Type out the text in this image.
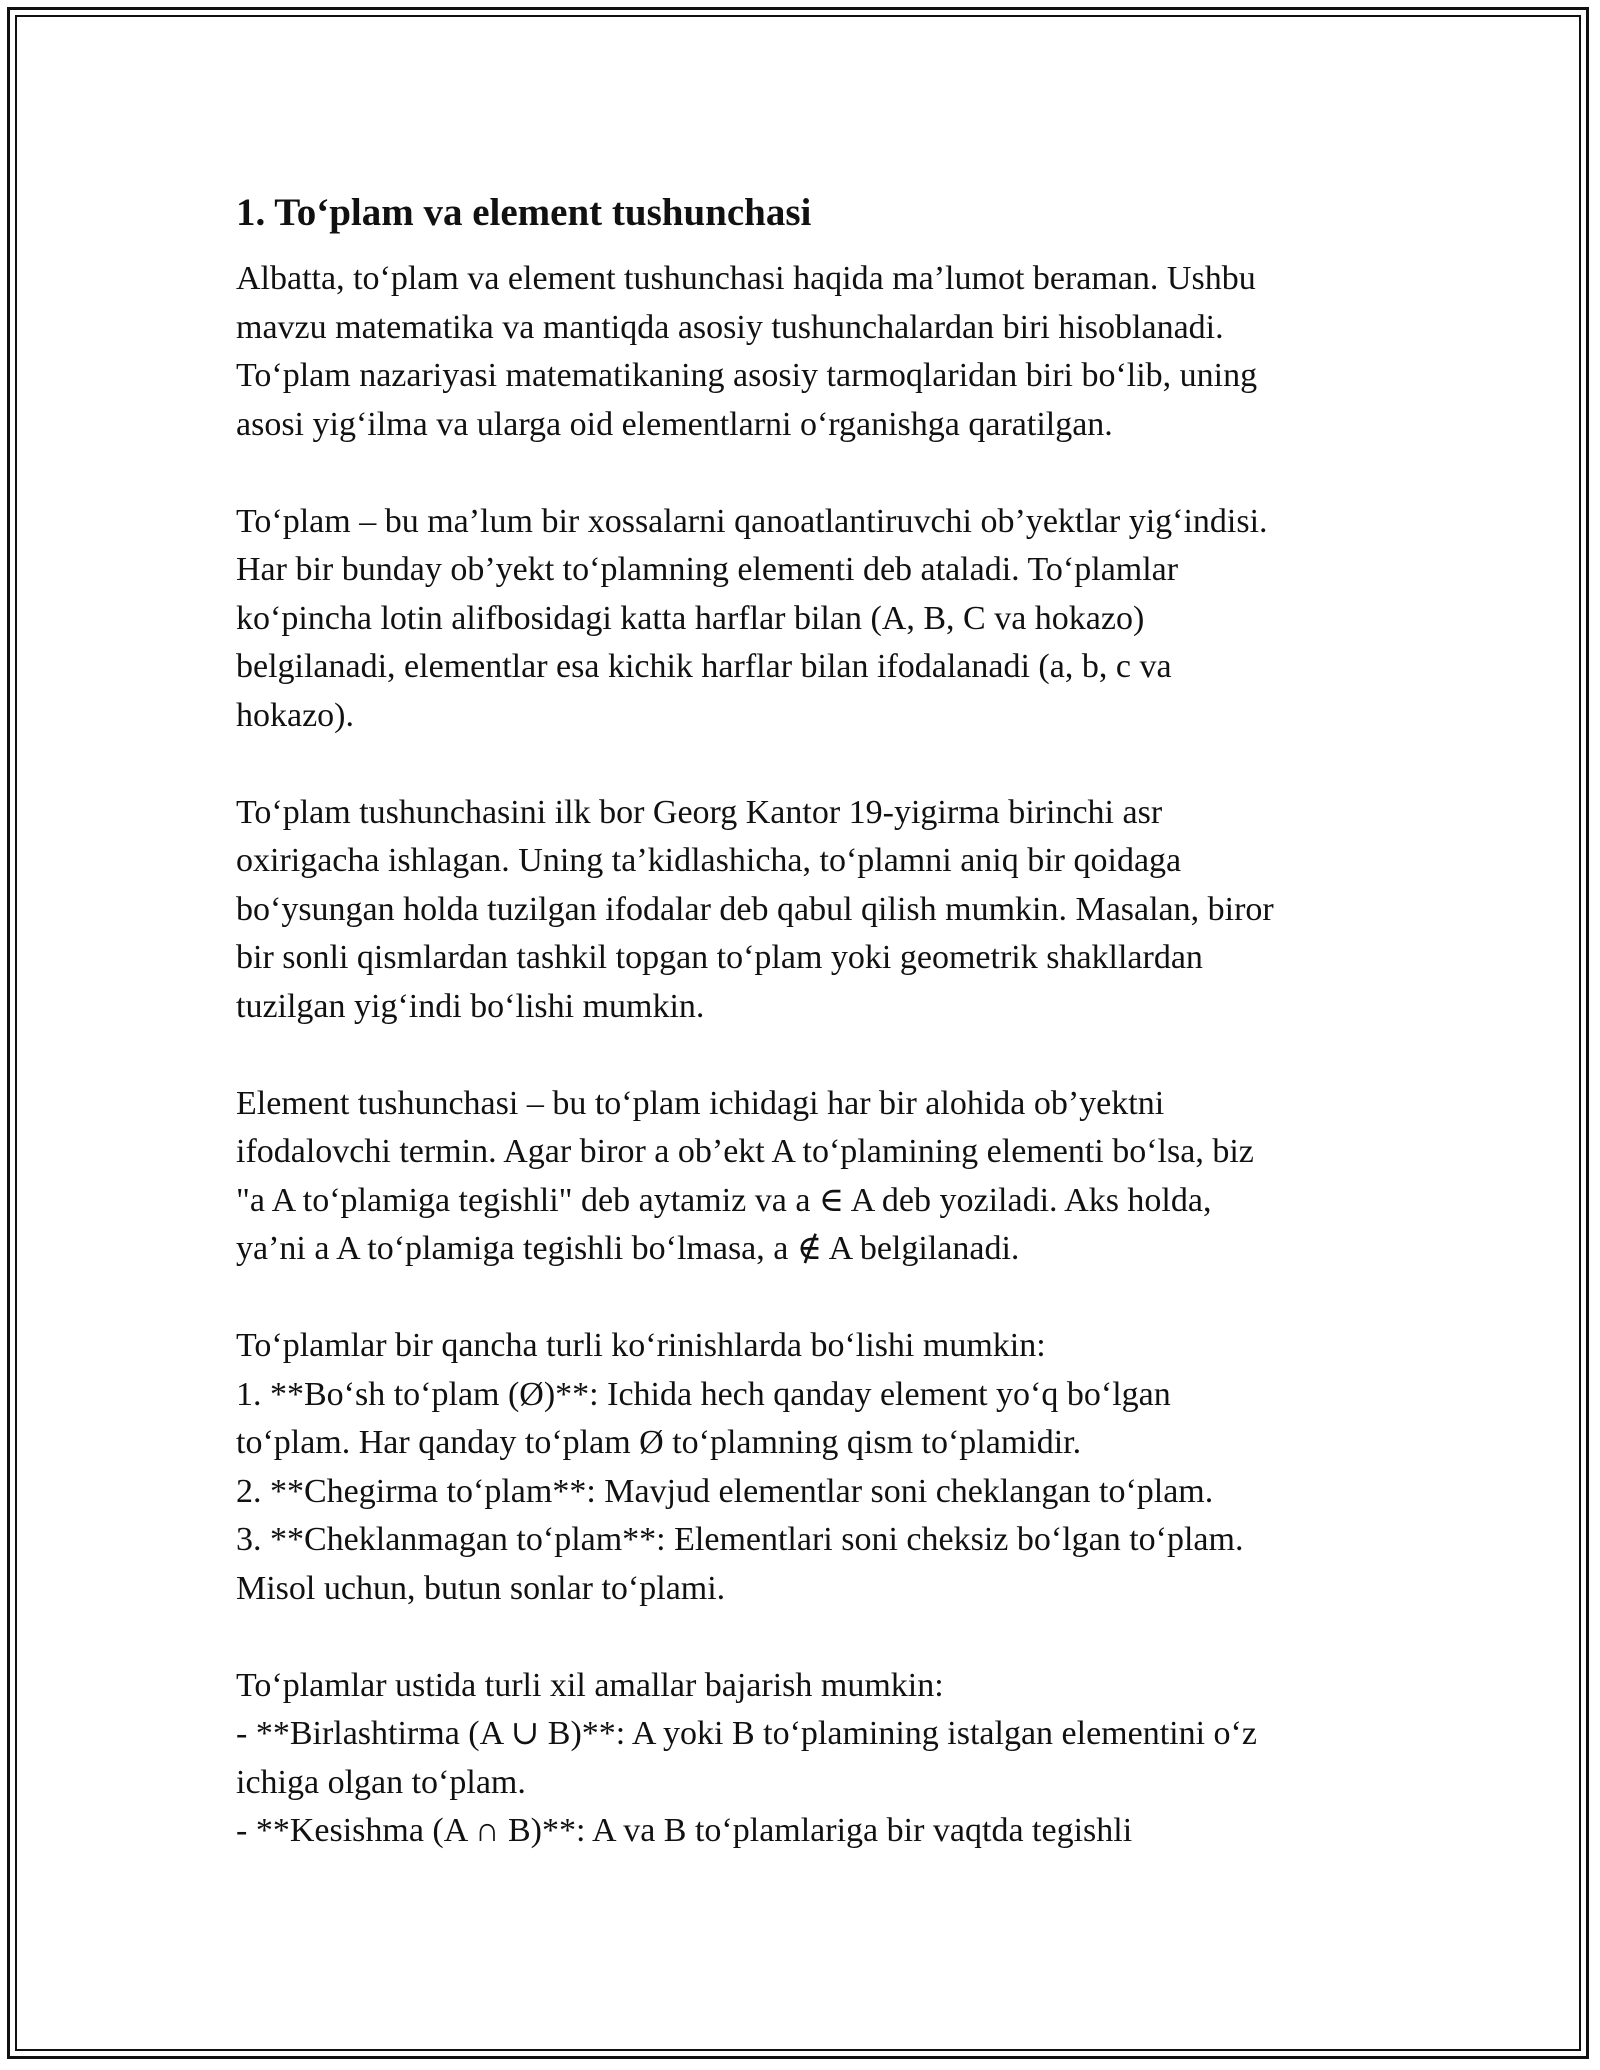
1. To‘plam va element tushunchasi

Albatta, to‘plam va element tushunchasi haqida ma’lumot beraman. Ushbu
mavzu matematika va mantiqda asosiy tushunchalardan biri hisoblanadi.
To‘plam nazariyasi matematikaning asosiy tarmoqlaridan biri bo‘lib, uning
asosi yig‘ilma va ularga oid elementlarni o‘rganishga qaratilgan.

To‘plam – bu ma’lum bir xossalarni qanoatlantiruvchi ob’yektlar yig‘indisi.
Har bir bunday ob’yekt to‘plamning elementi deb ataladi. To‘plamlar
ko‘pincha lotin alifbosidagi katta harflar bilan (A, B, C va hokazo)
belgilanadi, elementlar esa kichik harflar bilan ifodalanadi (a, b, c va
hokazo).

To‘plam tushunchasini ilk bor Georg Kantor 19-yigirma birinchi asr
oxirigacha ishlagan. Uning ta’kidlashicha, to‘plamni aniq bir qoidaga
bo‘ysungan holda tuzilgan ifodalar deb qabul qilish mumkin. Masalan, biror
bir sonli qismlardan tashkil topgan to‘plam yoki geometrik shakllardan
tuzilgan yig‘indi bo‘lishi mumkin.

Element tushunchasi – bu to‘plam ichidagi har bir alohida ob’yektni
ifodalovchi termin. Agar biror a ob’ekt A to‘plamining elementi bo‘lsa, biz
"a A to‘plamiga tegishli" deb aytamiz va a ∈ A deb yoziladi. Aks holda,
ya’ni a A to‘plamiga tegishli bo‘lmasa, a ∉ A belgilanadi.

To‘plamlar bir qancha turli ko‘rinishlarda bo‘lishi mumkin:
1. **Bo‘sh to‘plam (Ø)**: Ichida hech qanday element yo‘q bo‘lgan
to‘plam. Har qanday to‘plam Ø to‘plamning qism to‘plamidir.
2. **Chegirma to‘plam**: Mavjud elementlar soni cheklangan to‘plam.
3. **Cheklanmagan to‘plam**: Elementlari soni cheksiz bo‘lgan to‘plam.
Misol uchun, butun sonlar to‘plami.

To‘plamlar ustida turli xil amallar bajarish mumkin:
- **Birlashtirma (A ∪ B)**: A yoki B to‘plamining istalgan elementini o‘z
ichiga olgan to‘plam.
- **Kesishma (A ∩ B)**: A va B to‘plamlariga bir vaqtda tegishli
